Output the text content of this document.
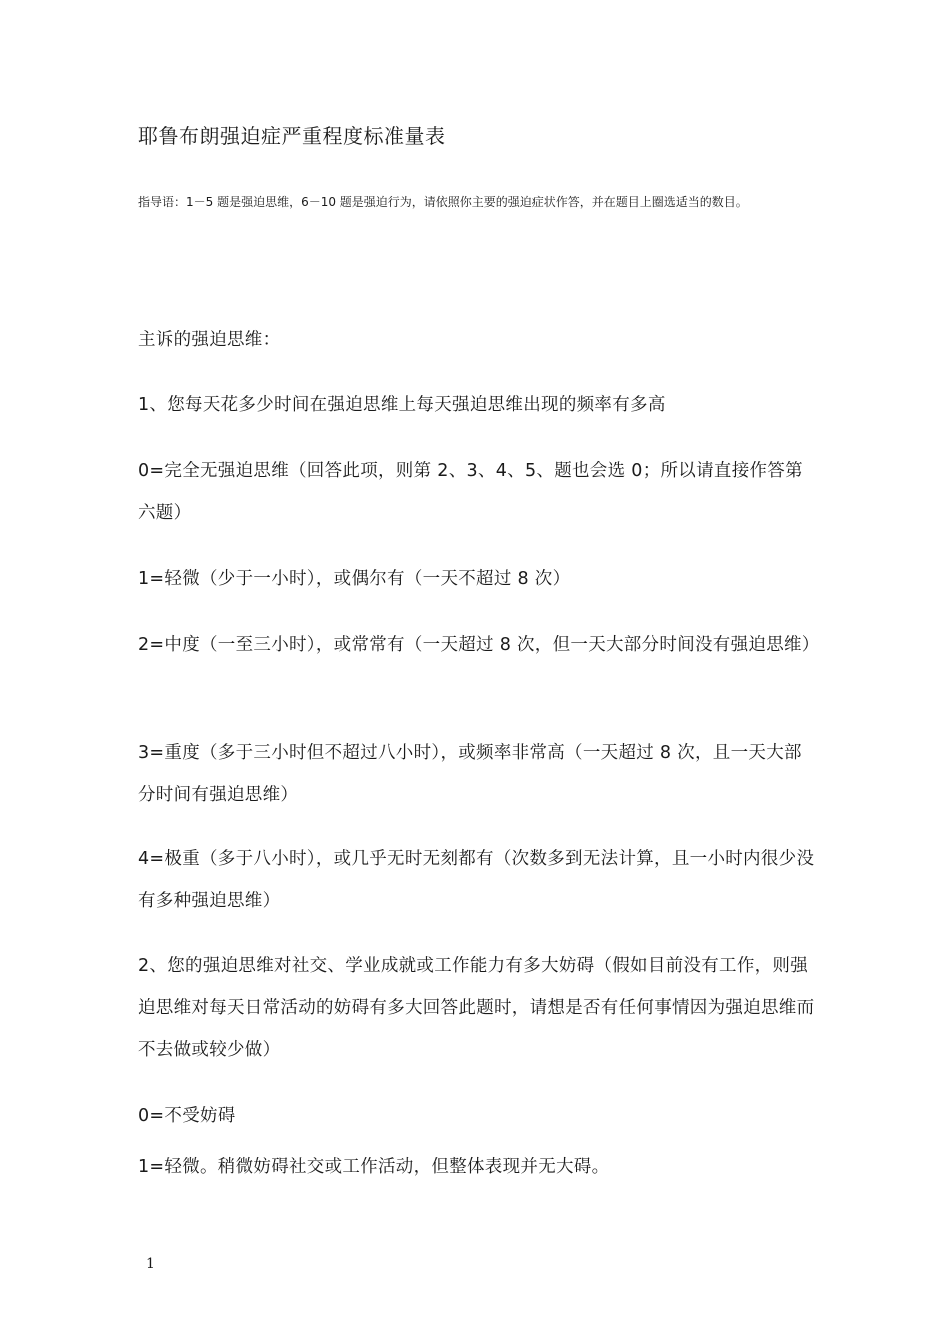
耶鲁布朗强迫症严重程度标准量表

指导语：1－5 题是强迫思维，6－10 题是强迫行为，请依照你主要的强迫症状作答，并在题目上圈选适当的数目。

主诉的强迫思维：

1、您每天花多少时间在强迫思维上每天强迫思维出现的频率有多高

0=完全无强迫思维（回答此项，则第 2、3、4、5、题也会选 0；所以请直接作答第六题）

1=轻微（少于一小时），或偶尔有（一天不超过 8 次）

2=中度（一至三小时），或常常有（一天超过 8 次，但一天大部分时间没有强迫思维）

3=重度（多于三小时但不超过八小时），或频率非常高（一天超过 8 次，且一天大部分时间有强迫思维）

4=极重（多于八小时），或几乎无时无刻都有（次数多到无法计算，且一小时内很少没有多种强迫思维）

2、您的强迫思维对社交、学业成就或工作能力有多大妨碍（假如目前没有工作，则强迫思维对每天日常活动的妨碍有多大回答此题时，请想是否有任何事情因为强迫思维而不去做或较少做）

0=不受妨碍

1=轻微。稍微妨碍社交或工作活动，但整体表现并无大碍。

1
